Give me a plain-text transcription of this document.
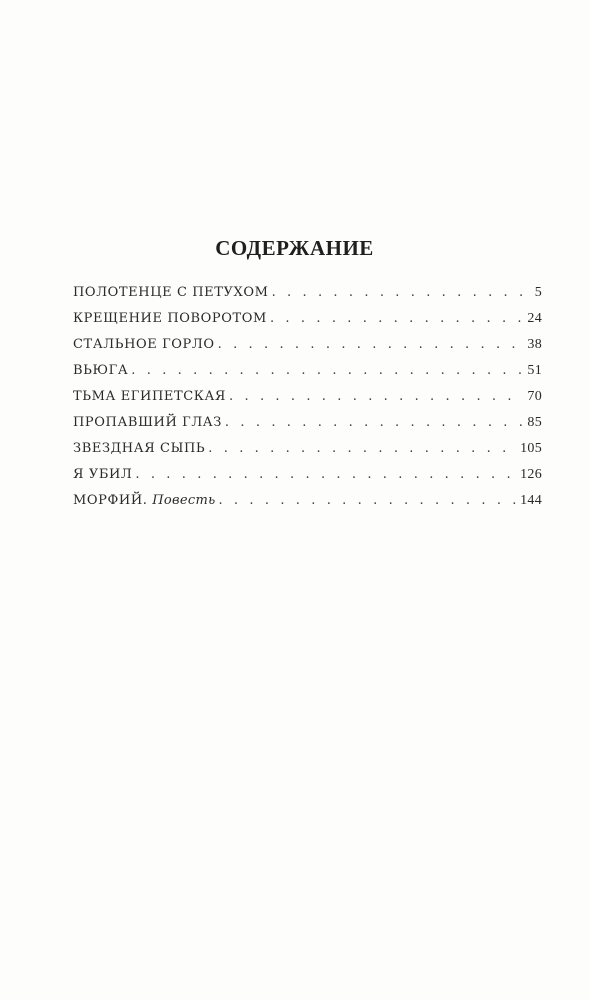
СОДЕРЖАНИЕ
ПОЛОТЕНЦЕ С ПЕТУХОМ . . .	5
КРЕЩЕНИЕ ПОВОРОТОМ . . .	24
СТАЛЬНОЕ ГОРЛО . . .	38
ВЬЮГА . . .	51
ТЬМА ЕГИПЕТСКАЯ . . .	70
ПРОПАВШИЙ ГЛАЗ . . .	85
ЗВЕЗДНАЯ СЫПЬ . . .	105
Я УБИЛ . . .	126
МОРФИЙ. Повесть . . .	144
